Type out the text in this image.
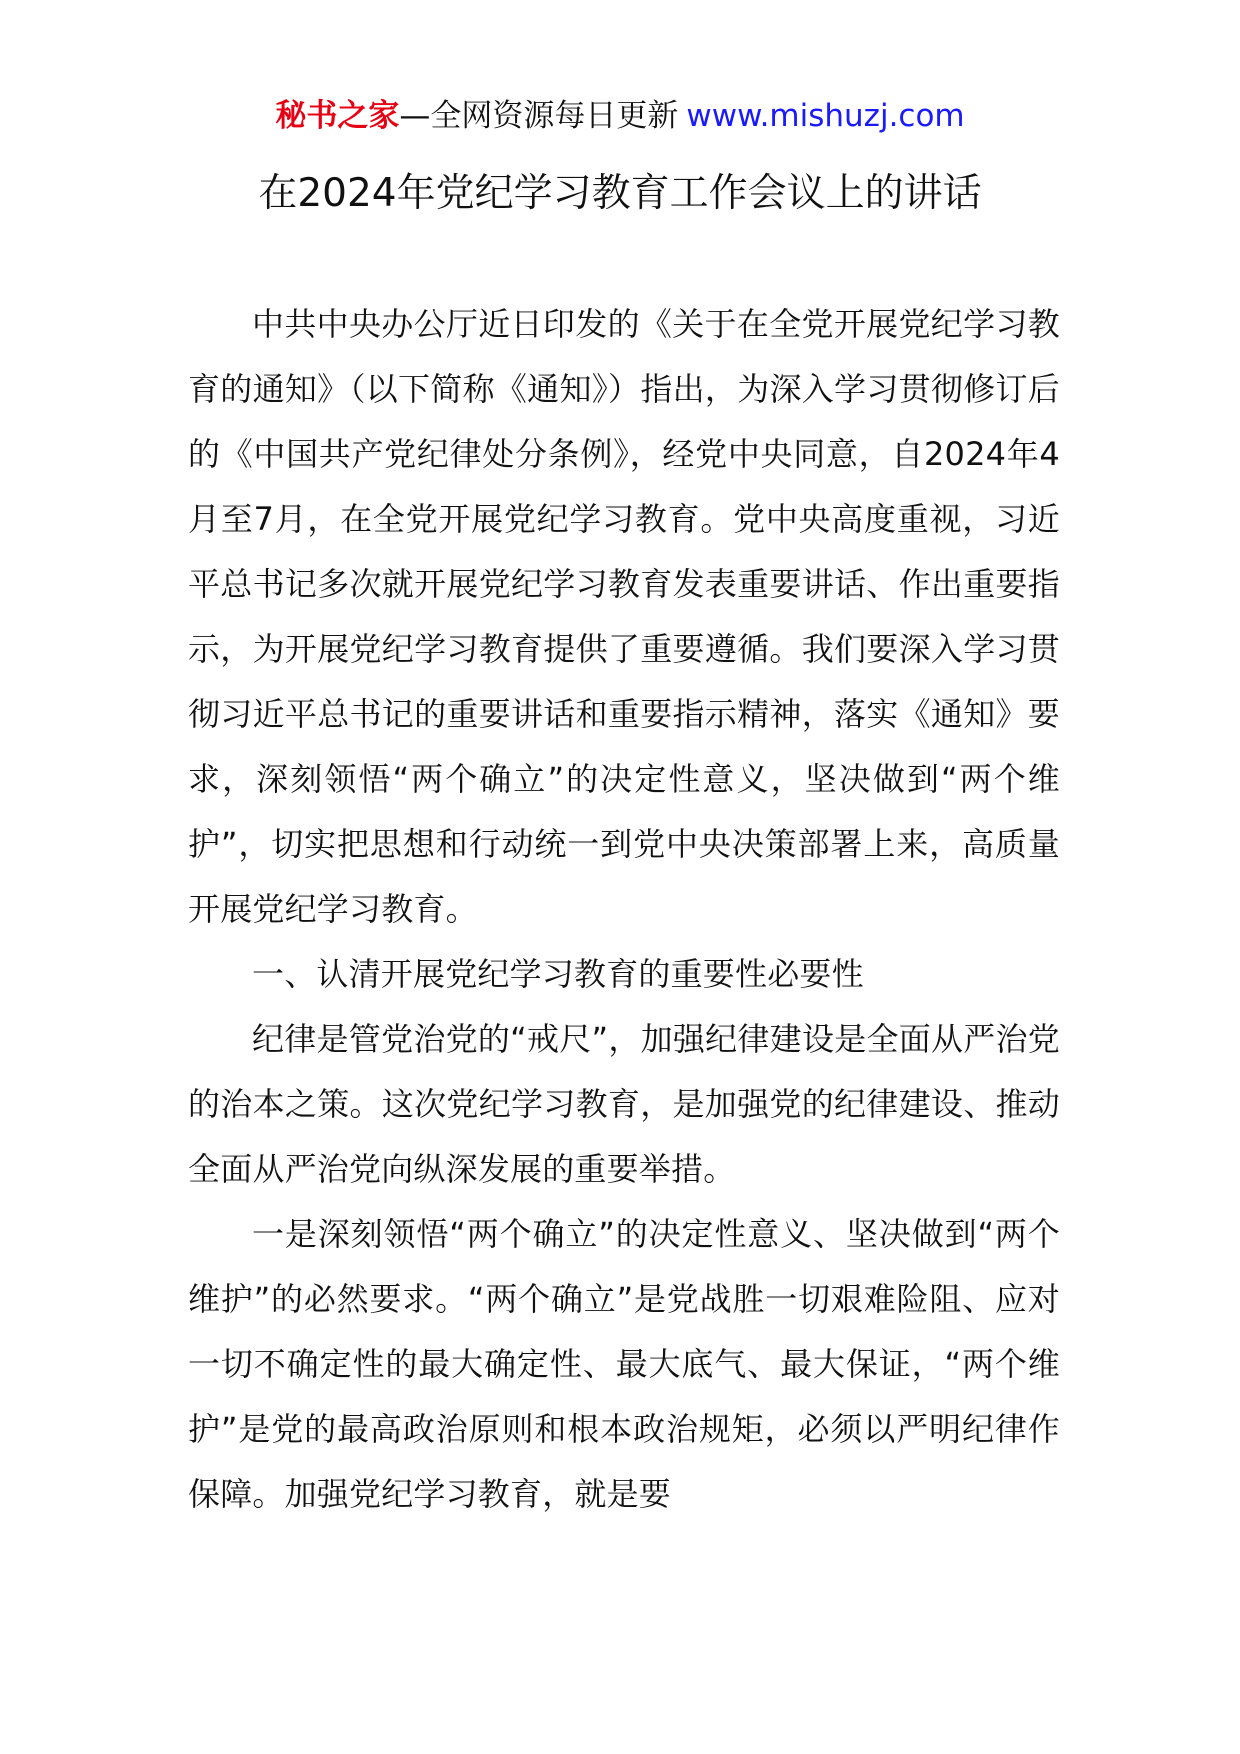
秘书之家—全网资源每日更新 www.mishuzj.com
在2024年党纪学习教育工作会议上的讲话

中共中央办公厅近日印发的《关于在全党开展党纪学习教育的通知》（以下简称《通知》）指出，为深入学习贯彻修订后的《中国共产党纪律处分条例》，经党中央同意，自2024年4月至7月，在全党开展党纪学习教育。党中央高度重视，习近平总书记多次就开展党纪学习教育发表重要讲话、作出重要指示，为开展党纪学习教育提供了重要遵循。我们要深入学习贯彻习近平总书记的重要讲话和重要指示精神，落实《通知》要求，深刻领悟“两个确立”的决定性意义，坚决做到“两个维护”，切实把思想和行动统一到党中央决策部署上来，高质量开展党纪学习教育。

一、认清开展党纪学习教育的重要性必要性

纪律是管党治党的“戒尺”，加强纪律建设是全面从严治党的治本之策。这次党纪学习教育，是加强党的纪律建设、推动全面从严治党向纵深发展的重要举措。

一是深刻领悟“两个确立”的决定性意义、坚决做到“两个维护”的必然要求。“两个确立”是党战胜一切艰难险阻、应对一切不确定性的最大确定性、最大底气、最大保证，“两个维护”是党的最高政治原则和根本政治规矩，必须以严明纪律作保障。加强党纪学习教育，就是要
